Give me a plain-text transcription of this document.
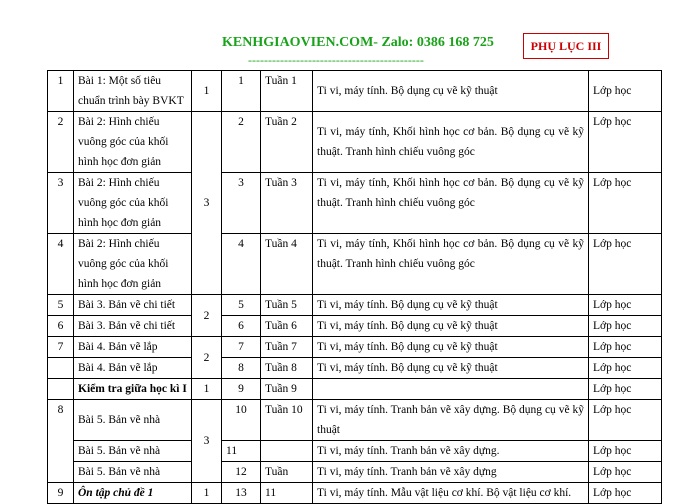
KENHGIAOVIEN.COM- Zalo: 0386 168 725
--------------------------------------------
PHỤ LỤC III
1	Bài 1: Một số tiêu chuẩn trình bày BVKT	1	1	Tuần 1	Ti vi, máy tính. Bộ dụng cụ vẽ kỹ thuật	Lớp học
2	Bài 2: Hình chiếu vuông góc của khối hình học đơn giản	3	2	Tuần 2	Ti vi, máy tính, Khối hình học cơ bản. Bộ dụng cụ vẽ kỹ thuật. Tranh hình chiếu vuông góc	Lớp học
3	Bài 2: Hình chiếu vuông góc của khối hình học đơn giản		3	Tuần 3	Ti vi, máy tính, Khối hình học cơ bản. Bộ dụng cụ vẽ kỹ thuật. Tranh hình chiếu vuông góc	Lớp học
4	Bài 2: Hình chiếu vuông góc của khối hình học đơn giản		4	Tuần 4	Ti vi, máy tính, Khối hình học cơ bản. Bộ dụng cụ vẽ kỹ thuật. Tranh hình chiếu vuông góc	Lớp học
5	Bài 3. Bản vẽ chi tiết	2	5	Tuần 5	Ti vi, máy tính. Bộ dụng cụ vẽ kỹ thuật	Lớp học
6	Bài 3. Bản vẽ chi tiết		6	Tuần 6	Ti vi, máy tính. Bộ dụng cụ vẽ kỹ thuật	Lớp học
7	Bài 4. Bản vẽ lắp	2	7	Tuần 7	Ti vi, máy tính. Bộ dụng cụ vẽ kỹ thuật	Lớp học
	Bài 4. Bản vẽ lắp		8	Tuần 8	Ti vi, máy tính. Bộ dụng cụ vẽ kỹ thuật	Lớp học
	Kiểm tra giữa học kì I	1	9	Tuần 9		Lớp học
8	Bài 5. Bản vẽ nhà	3	10	Tuần 10	Ti vi, máy tính. Tranh bản vẽ xây dựng. Bộ dụng cụ vẽ kỹ thuật	Lớp học
	Bài 5. Bản vẽ nhà		11		Ti vi, máy tính. Tranh bản vẽ xây dựng.	Lớp học
	Bài 5. Bản vẽ nhà		12	Tuần	Ti vi, máy tính. Tranh bản vẽ xây dựng	Lớp học
9	Ôn tập chủ đề 1	1	13	11	Ti vi, máy tính. Mẫu vật liệu cơ khí. Bộ vật liệu cơ khí.	Lớp học
